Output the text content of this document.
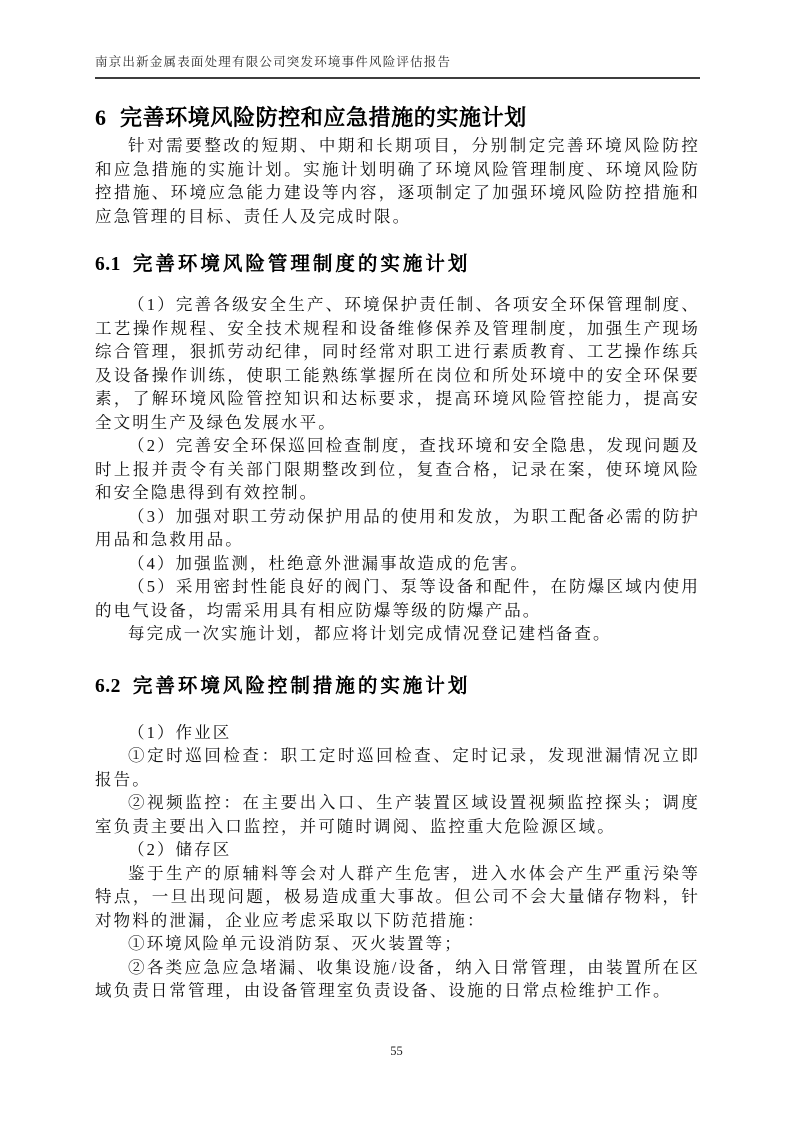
南京出新金属表面处理有限公司突发环境事件风险评估报告
6 完善环境风险防控和应急措施的实施计划

针对需要整改的短期、中期和长期项目，分别制定完善环境风险防控和应急措施的实施计划。实施计划明确了环境风险管理制度、环境风险防控措施、环境应急能力建设等内容，逐项制定了加强环境风险防控措施和应急管理的目标、责任人及完成时限。

6.1 完善环境风险管理制度的实施计划

（1）完善各级安全生产、环境保护责任制、各项安全环保管理制度、工艺操作规程、安全技术规程和设备维修保养及管理制度，加强生产现场综合管理，狠抓劳动纪律，同时经常对职工进行素质教育、工艺操作练兵及设备操作训练，使职工能熟练掌握所在岗位和所处环境中的安全环保要素，了解环境风险管控知识和达标要求，提高环境风险管控能力，提高安全文明生产及绿色发展水平。

（2）完善安全环保巡回检查制度，查找环境和安全隐患，发现问题及时上报并责令有关部门限期整改到位，复查合格，记录在案，使环境风险和安全隐患得到有效控制。

（3）加强对职工劳动保护用品的使用和发放，为职工配备必需的防护用品和急救用品。

（4）加强监测，杜绝意外泄漏事故造成的危害。

（5）采用密封性能良好的阀门、泵等设备和配件，在防爆区域内使用的电气设备，均需采用具有相应防爆等级的防爆产品。

每完成一次实施计划，都应将计划完成情况登记建档备查。

6.2 完善环境风险控制措施的实施计划

（1）作业区

①定时巡回检查：职工定时巡回检查、定时记录，发现泄漏情况立即报告。

②视频监控：在主要出入口、生产装置区域设置视频监控探头；调度室负责主要出入口监控，并可随时调阅、监控重大危险源区域。

（2）储存区

鉴于生产的原辅料等会对人群产生危害，进入水体会产生严重污染等特点，一旦出现问题，极易造成重大事故。但公司不会大量储存物料，针对物料的泄漏，企业应考虑采取以下防范措施：

①环境风险单元设消防泵、灭火装置等；

②各类应急应急堵漏、收集设施/设备，纳入日常管理，由装置所在区域负责日常管理，由设备管理室负责设备、设施的日常点检维护工作。

55
